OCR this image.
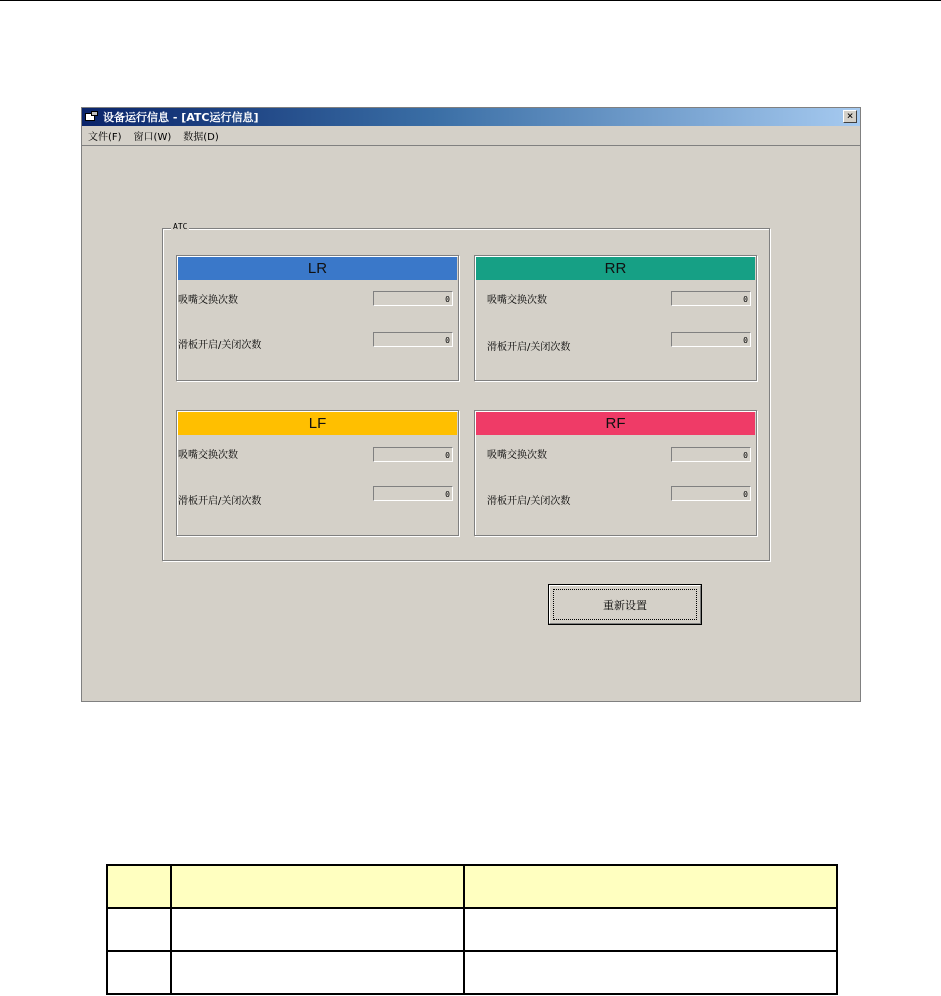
设备运行信息 - [ATC运行信息]	×
文件(F) 窗口(W) 数据(D)
ATC
LR
吸嘴交换次数	0
滑板开启/关闭次数	0
RR
吸嘴交换次数	0
滑板开启/关闭次数
0
LF
吸嘴交换次数	0
滑板开启/关闭次数
0
RF
吸嘴交换次数	0
滑板开启/关闭次数
0
重新设置
